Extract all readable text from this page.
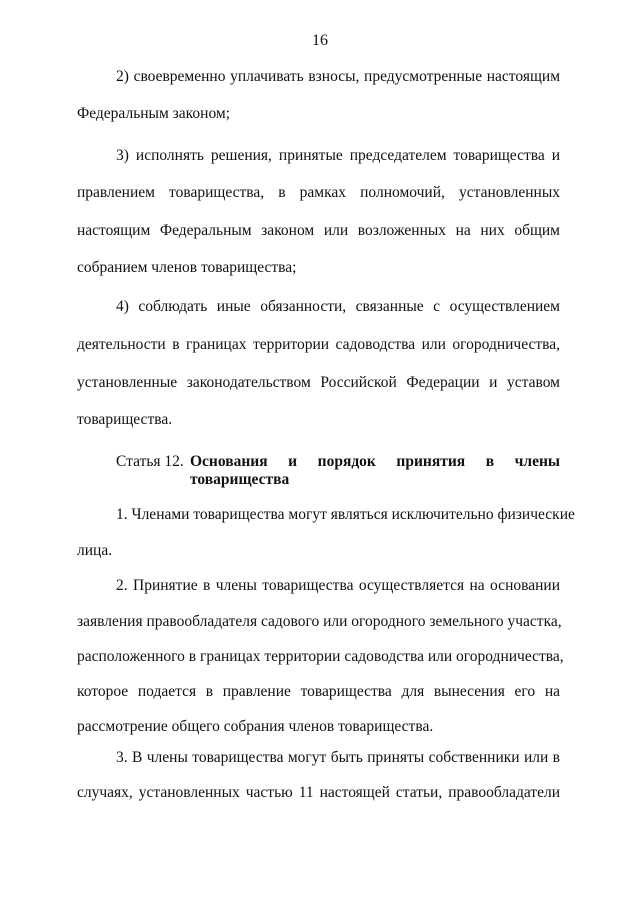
16
2) своевременно уплачивать взносы, предусмотренные настоящим
Федеральным законом;
3) исполнять решения, принятые председателем товарищества и
правлением товарищества, в рамках полномочий, установленных
настоящим Федеральным законом или возложенных на них общим
собранием членов товарищества;
4) соблюдать иные обязанности, связанные с осуществлением
деятельности в границах территории садоводства или огородничества,
установленные законодательством Российской Федерации и уставом
товарищества.
Статья 12. Основания и порядок принятия в члены
товарищества
1. Членами товарищества могут являться исключительно физические
лица.
2. Принятие в члены товарищества осуществляется на основании
заявления правообладателя садового или огородного земельного участка,
расположенного в границах территории садоводства или огородничества,
которое подается в правление товарищества для вынесения его на
рассмотрение общего собрания членов товарищества.
3. В члены товарищества могут быть приняты собственники или в
случаях, установленных частью 11 настоящей статьи, правообладатели
